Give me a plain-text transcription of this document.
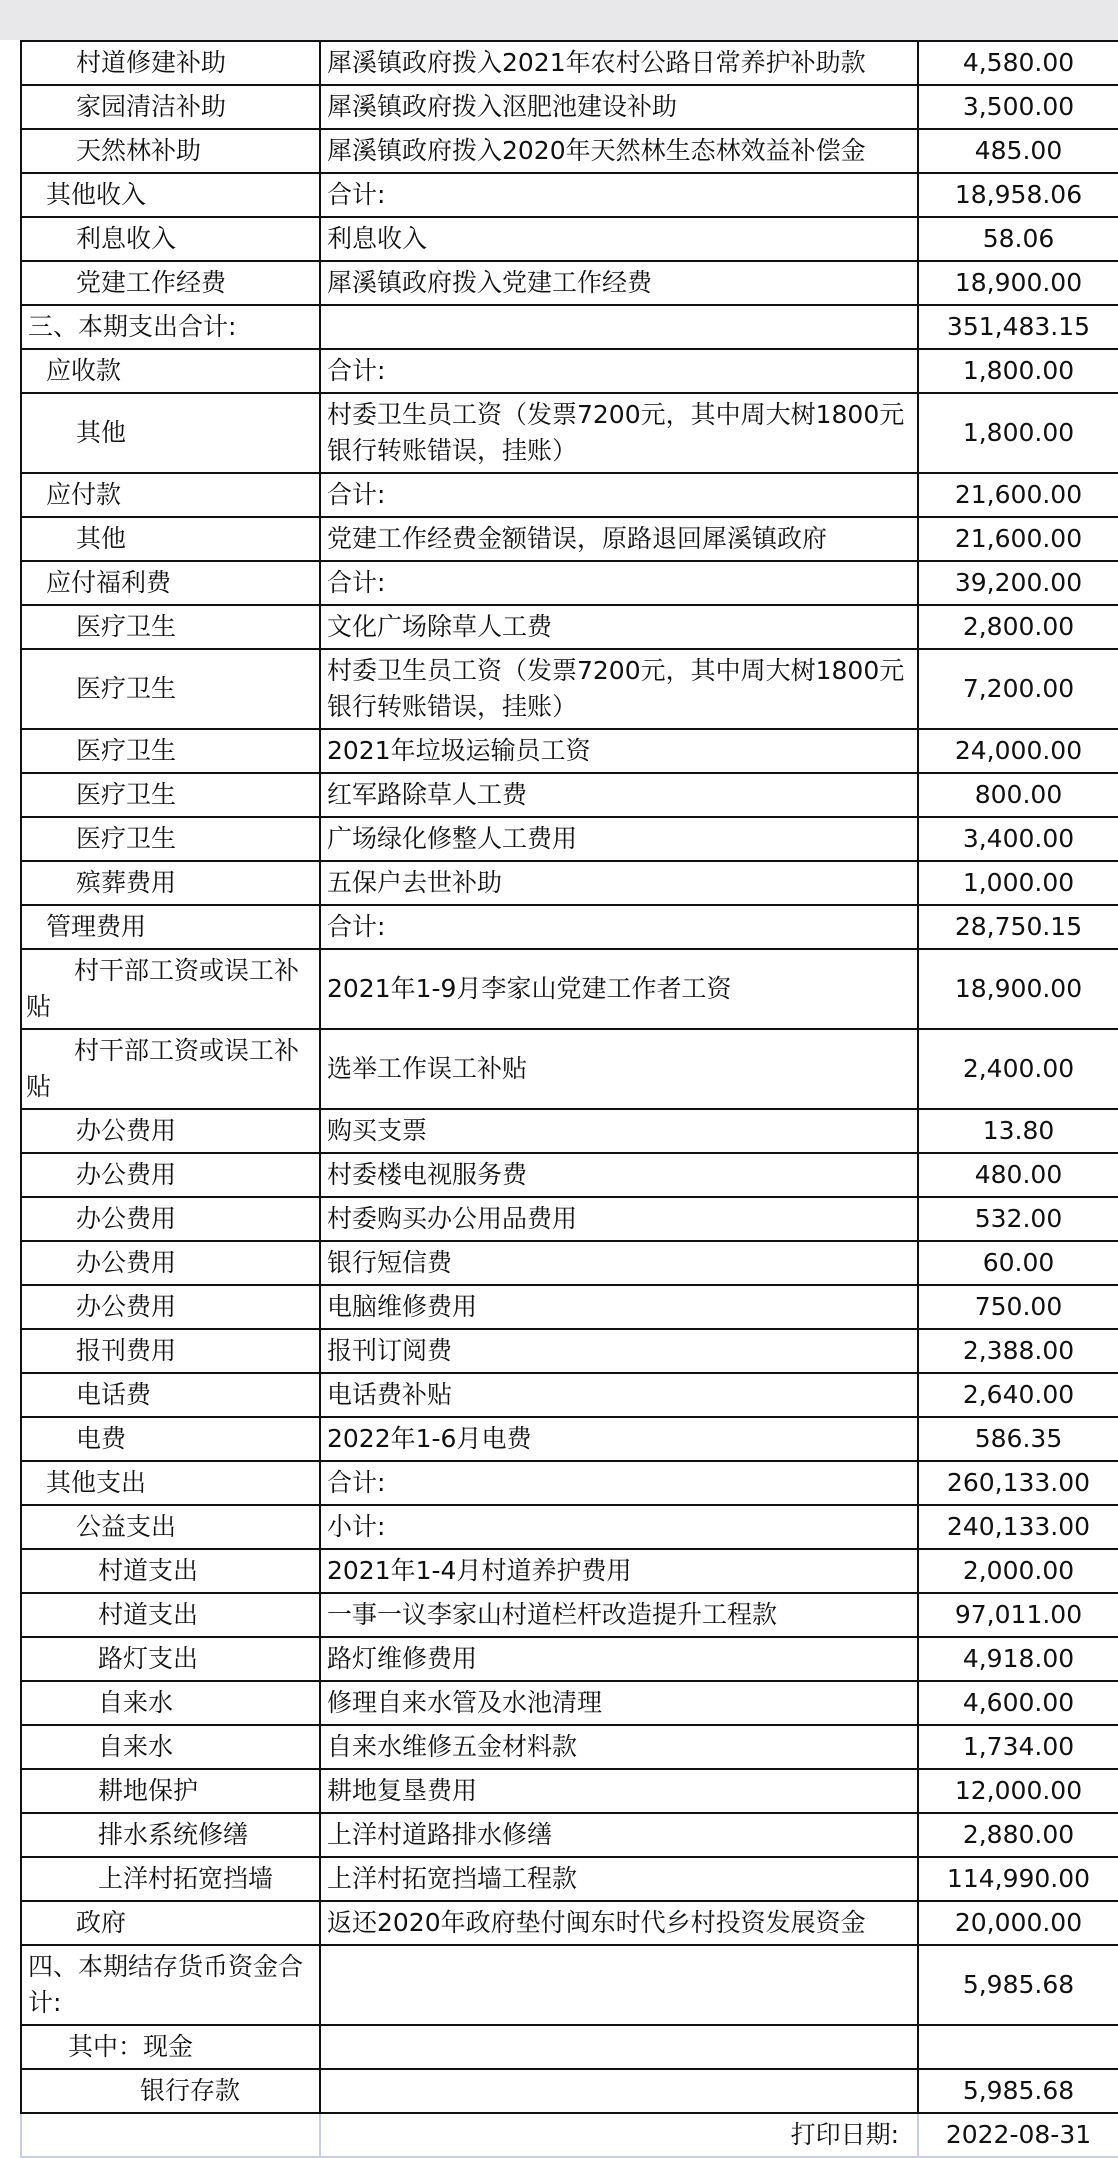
村道修建补助	犀溪镇政府拨入2021年农村公路日常养护补助款	4,580.00
家园清洁补助	犀溪镇政府拨入沤肥池建设补助	3,500.00
天然林补助	犀溪镇政府拨入2020年天然林生态林效益补偿金	485.00
其他收入	合计:	18,958.06
利息收入	利息收入	58.06
党建工作经费	犀溪镇政府拨入党建工作经费	18,900.00
三、本期支出合计:		351,483.15
应收款	合计:	1,800.00
其他	村委卫生员工资（发票7200元，其中周大树1800元银行转账错误，挂账）	1,800.00
应付款	合计:	21,600.00
其他	党建工作经费金额错误，原路退回犀溪镇政府	21,600.00
应付福利费	合计:	39,200.00
医疗卫生	文化广场除草人工费	2,800.00
医疗卫生	村委卫生员工资（发票7200元，其中周大树1800元银行转账错误，挂账）	7,200.00
医疗卫生	2021年垃圾运输员工资	24,000.00
医疗卫生	红军路除草人工费	800.00
医疗卫生	广场绿化修整人工费用	3,400.00
殡葬费用	五保户去世补助	1,000.00
管理费用	合计:	28,750.15
村干部工资或误工补贴	2021年1-9月李家山党建工作者工资	18,900.00
村干部工资或误工补贴	选举工作误工补贴	2,400.00
办公费用	购买支票	13.80
办公费用	村委楼电视服务费	480.00
办公费用	村委购买办公用品费用	532.00
办公费用	银行短信费	60.00
办公费用	电脑维修费用	750.00
报刊费用	报刊订阅费	2,388.00
电话费	电话费补贴	2,640.00
电费	2022年1-6月电费	586.35
其他支出	合计:	260,133.00
公益支出	小计:	240,133.00
村道支出	2021年1-4月村道养护费用	2,000.00
村道支出	一事一议李家山村道栏杆改造提升工程款	97,011.00
路灯支出	路灯维修费用	4,918.00
自来水	修理自来水管及水池清理	4,600.00
自来水	自来水维修五金材料款	1,734.00
耕地保护	耕地复垦费用	12,000.00
排水系统修缮	上洋村道路排水修缮	2,880.00
上洋村拓宽挡墙	上洋村拓宽挡墙工程款	114,990.00
政府	返还2020年政府垫付闽东时代乡村投资发展资金	20,000.00
四、本期结存货币资金合计:		5,985.68
其中：现金		
银行存款		5,985.68
	打印日期:	2022-08-31
